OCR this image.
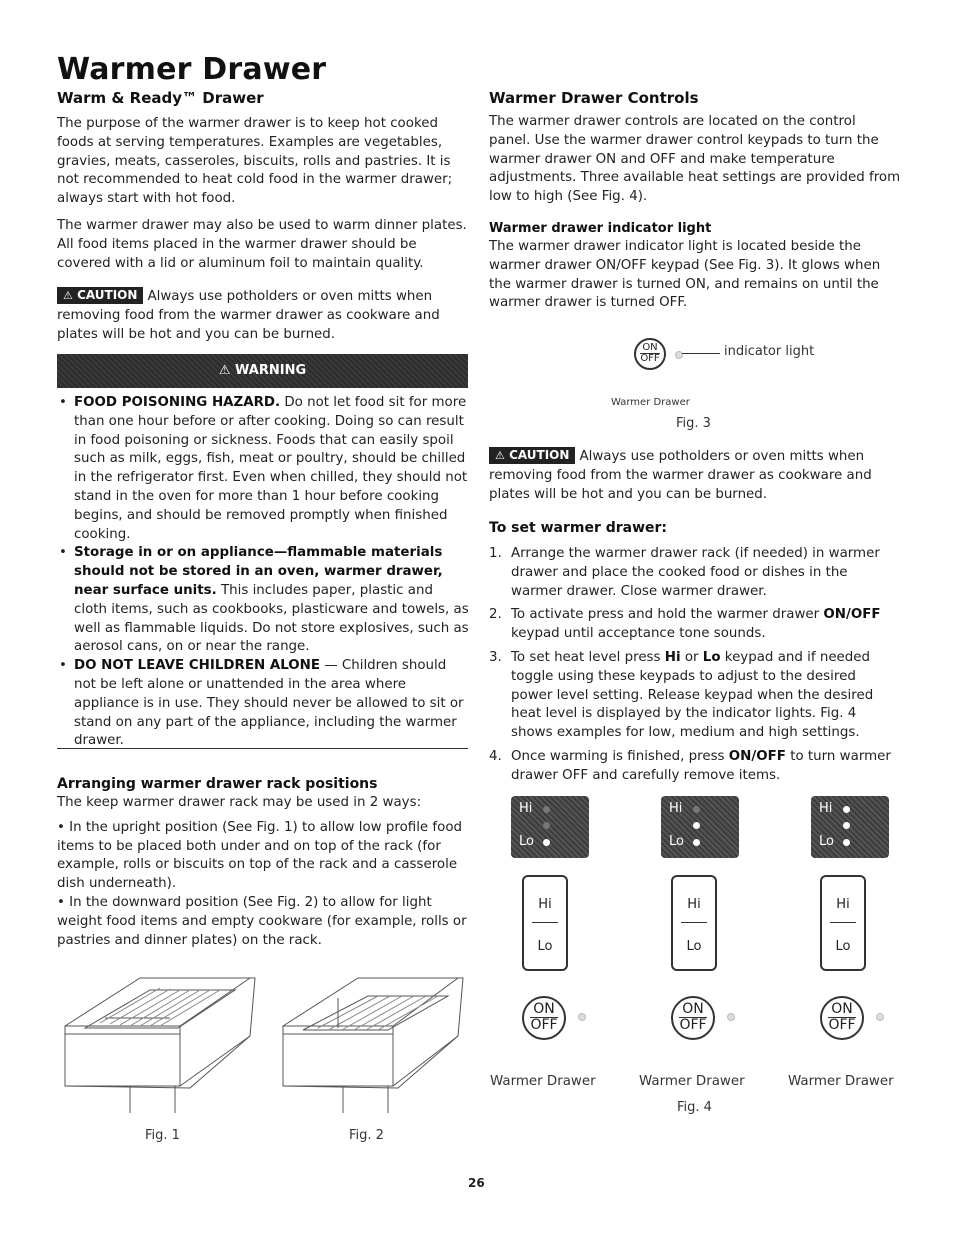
Warmer Drawer
Warm & Ready™ Drawer

The purpose of the warmer drawer is to keep hot cooked foods at serving temperatures. Examples are vegetables, gravies, meats, casseroles, biscuits, rolls and pastries. It is not recommended to heat cold food in the warmer drawer; always start with hot food.

The warmer drawer may also be used to warm dinner plates. All food items placed in the warmer drawer should be covered with a lid or aluminum foil to maintain quality.

⚠ CAUTION Always use potholders or oven mitts when removing food from the warmer drawer as cookware and plates will be hot and you can be burned.

⚠ WARNING
• FOOD POISONING HAZARD. Do not let food sit for more than one hour before or after cooking. Doing so can result in food poisoning or sickness. Foods that can easily spoil such as milk, eggs, fish, meat or poultry, should be chilled in the refrigerator first. Even when chilled, they should not stand in the oven for more than 1 hour before cooking begins, and should be removed promptly when finished cooking.
• Storage in or on appliance—flammable materials should not be stored in an oven, warmer drawer, near surface units. This includes paper, plastic and cloth items, such as cookbooks, plasticware and towels, as well as flammable liquids. Do not store explosives, such as aerosol cans, on or near the range.
• DO NOT LEAVE CHILDREN ALONE — Children should not be left alone or unattended in the area where appliance is in use. They should never be allowed to sit or stand on any part of the appliance, including the warmer drawer.
Arranging warmer drawer rack positions

The keep warmer drawer rack may be used in 2 ways:

• In the upright position (See Fig. 1) to allow low profile food items to be placed both under and on top of the rack (for example, rolls or biscuits on top of the rack and a casserole dish underneath).

• In the downward position (See Fig. 2) to allow for light weight food items and empty cookware (for example, rolls or pastries and dinner plates) on the rack.

Fig. 1	Fig. 2
Warmer Drawer Controls

The warmer drawer controls are located on the control panel. Use the warmer drawer control keypads to turn the warmer drawer ON and OFF and make temperature adjustments. Three available heat settings are provided from low to high (See Fig. 4).

Warmer drawer indicator light

The warmer drawer indicator light is located beside the warmer drawer ON/OFF keypad (See Fig. 3). It glows when the warmer drawer is turned ON, and remains on until the warmer drawer is turned OFF.

ON
OFF	indicator light
Warmer Drawer
Fig. 3

⚠ CAUTION Always use potholders or oven mitts when removing food from the warmer drawer as cookware and plates will be hot and you can be burned.

To set warmer drawer:
1. Arrange the warmer drawer rack (if needed) in warmer drawer and place the cooked food or dishes in the warmer drawer. Close warmer drawer.
2. To activate press and hold the warmer drawer ON/OFF keypad until acceptance tone sounds.
3. To set heat level press Hi or Lo keypad and if needed toggle using these keypads to adjust to the desired power level setting. Release keypad when the desired heat level is displayed by the indicator lights. Fig. 4 shows examples for low, medium and high settings.
4. Once warming is finished, press ON/OFF to turn warmer drawer OFF and carefully remove items.
Hi
Lo
Hi
Lo
Hi
Lo
Hi
Lo
Hi
Lo
Hi
Lo
ON
OFF
ON
OFF
ON
OFF
Warmer Drawer	Warmer Drawer	Warmer Drawer
Fig. 4
26
